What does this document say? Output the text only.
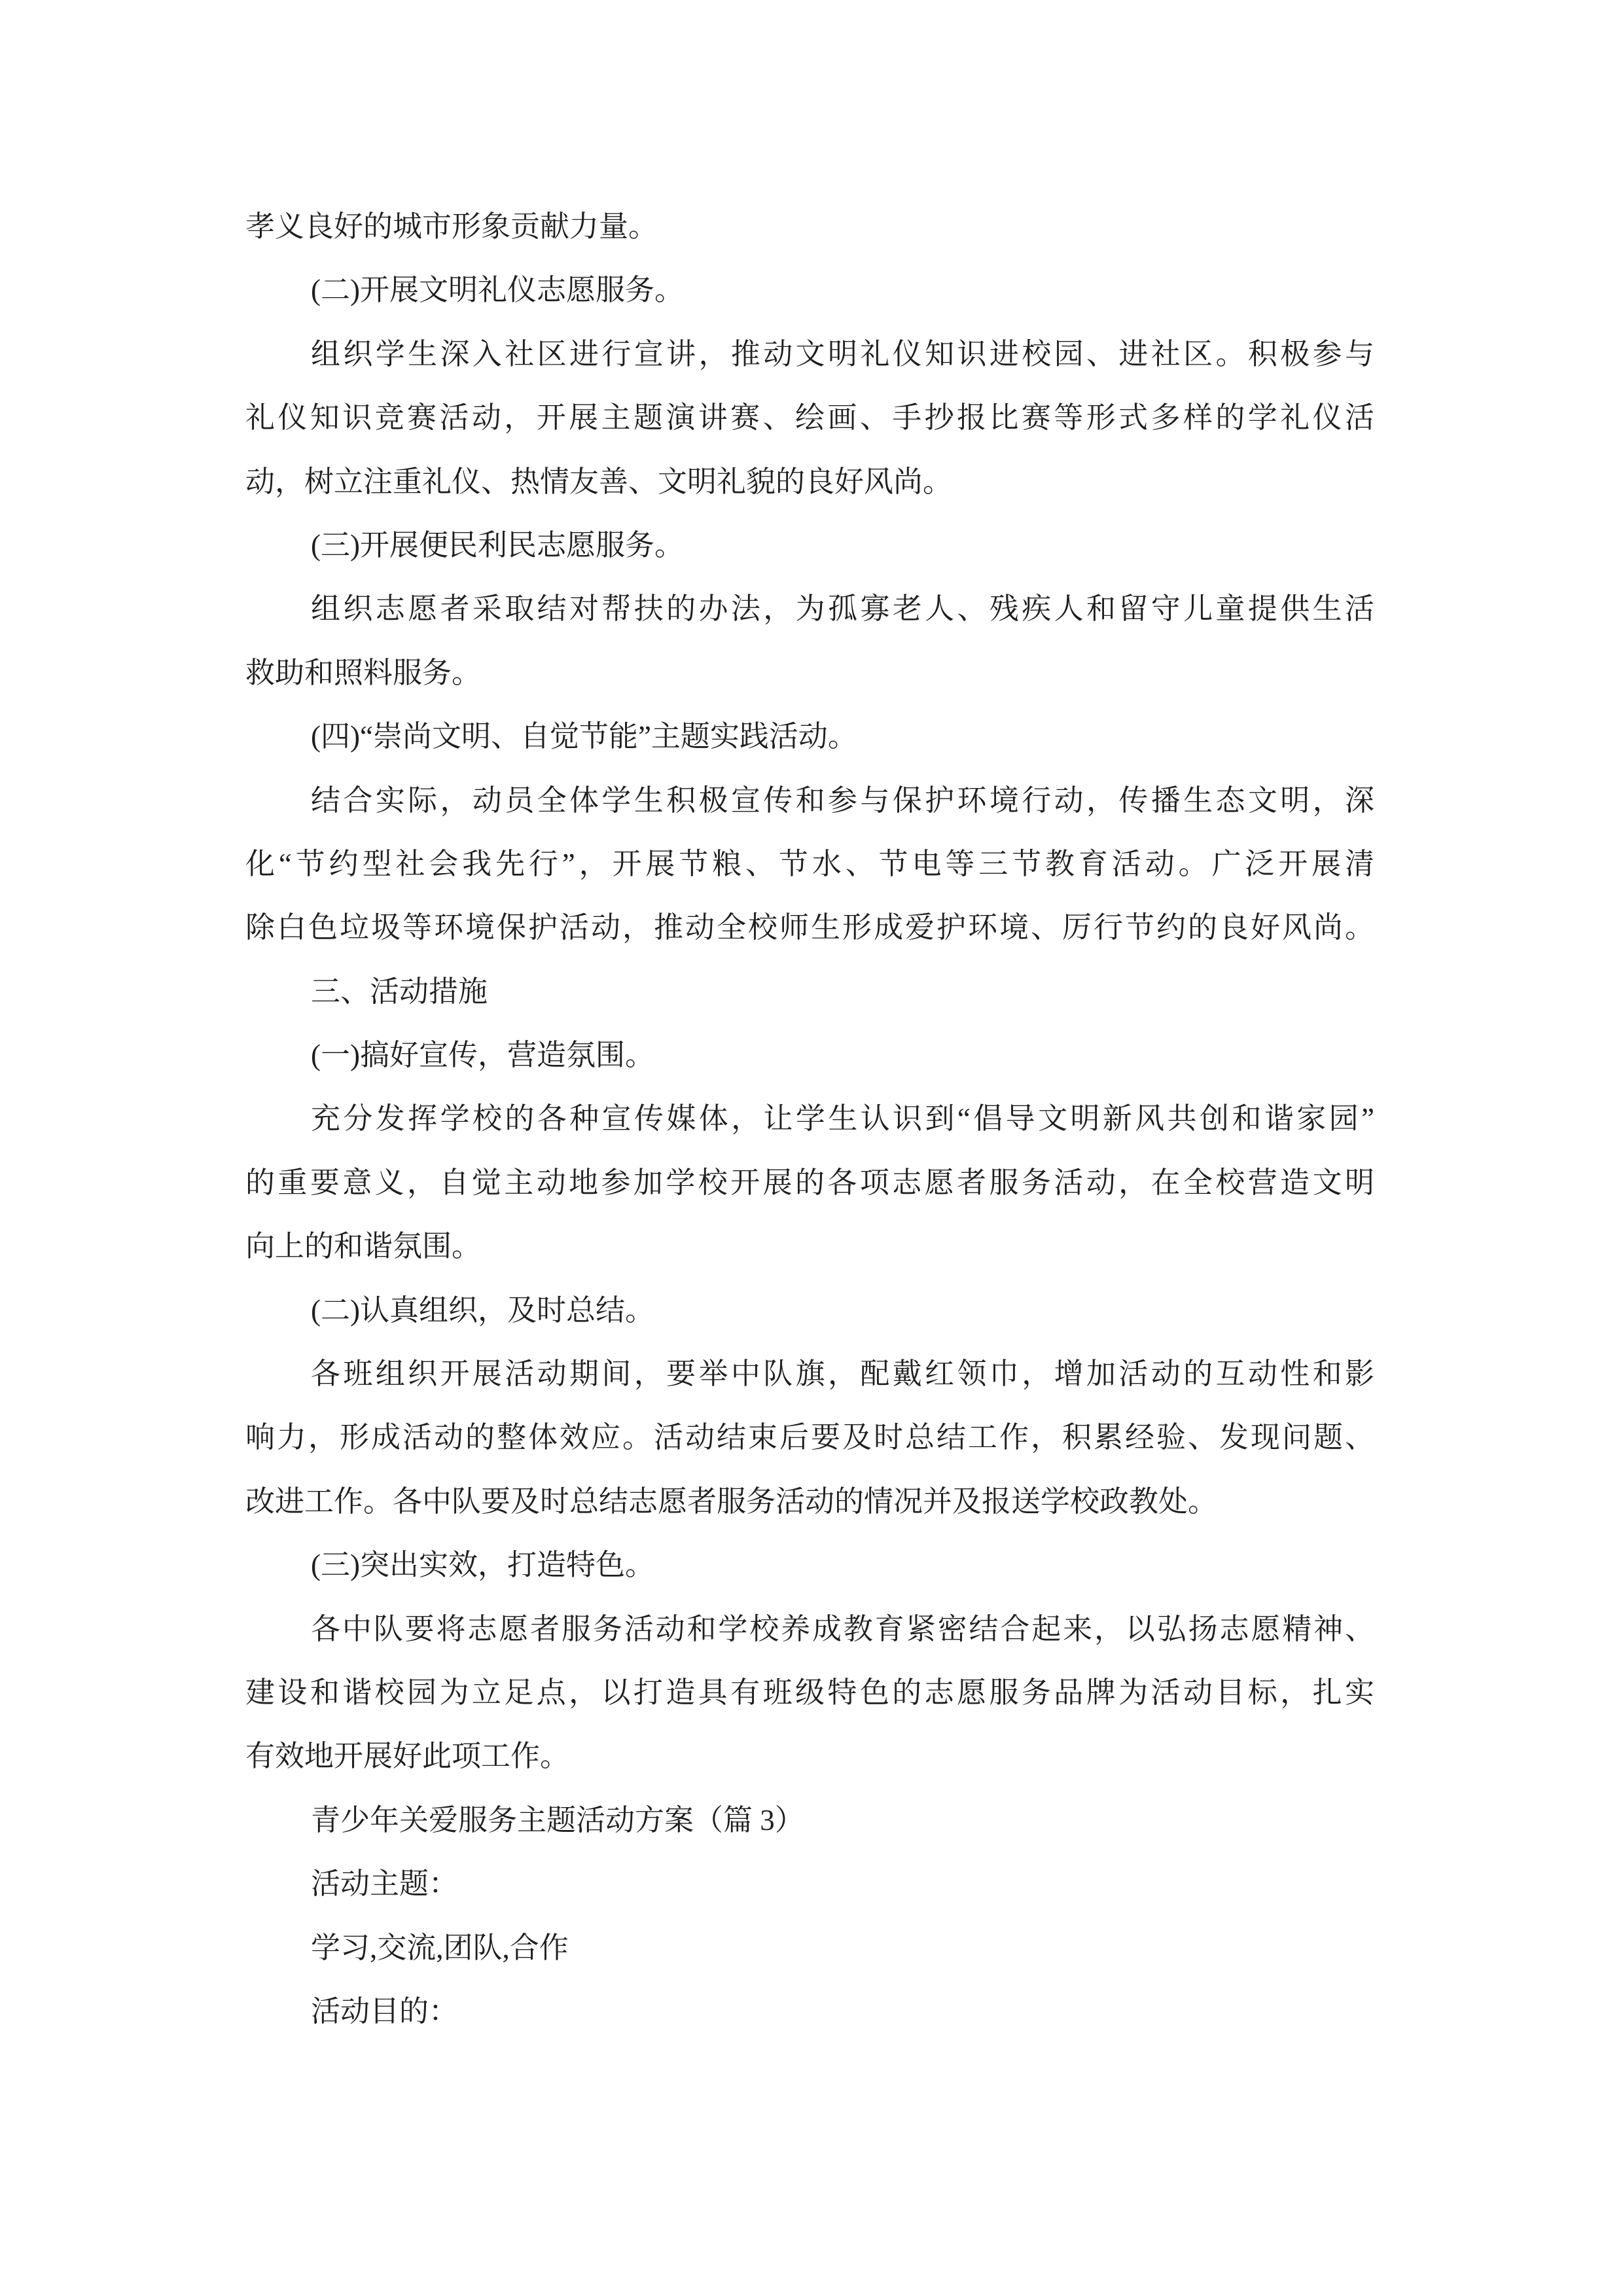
孝义良好的城市形象贡献力量。
(二)开展文明礼仪志愿服务。
组织学生深入社区进行宣讲，推动文明礼仪知识进校园、进社区。积极参与
礼仪知识竞赛活动，开展主题演讲赛、绘画、手抄报比赛等形式多样的学礼仪活
动，树立注重礼仪、热情友善、文明礼貌的良好风尚。
(三)开展便民利民志愿服务。
组织志愿者采取结对帮扶的办法，为孤寡老人、残疾人和留守儿童提供生活
救助和照料服务。
(四)“崇尚文明、自觉节能”主题实践活动。
结合实际，动员全体学生积极宣传和参与保护环境行动，传播生态文明，深
化“节约型社会我先行”，开展节粮、节水、节电等三节教育活动。广泛开展清
除白色垃圾等环境保护活动，推动全校师生形成爱护环境、厉行节约的良好风尚。
三、活动措施
(一)搞好宣传，营造氛围。
充分发挥学校的各种宣传媒体，让学生认识到“倡导文明新风共创和谐家园”
的重要意义，自觉主动地参加学校开展的各项志愿者服务活动，在全校营造文明
向上的和谐氛围。
(二)认真组织，及时总结。
各班组织开展活动期间，要举中队旗，配戴红领巾，增加活动的互动性和影
响力，形成活动的整体效应。活动结束后要及时总结工作，积累经验、发现问题、
改进工作。各中队要及时总结志愿者服务活动的情况并及报送学校政教处。
(三)突出实效，打造特色。
各中队要将志愿者服务活动和学校养成教育紧密结合起来，以弘扬志愿精神、
建设和谐校园为立足点，以打造具有班级特色的志愿服务品牌为活动目标，扎实
有效地开展好此项工作。
青少年关爱服务主题活动方案（篇 3）
活动主题：
学习,交流,团队,合作
活动目的：
